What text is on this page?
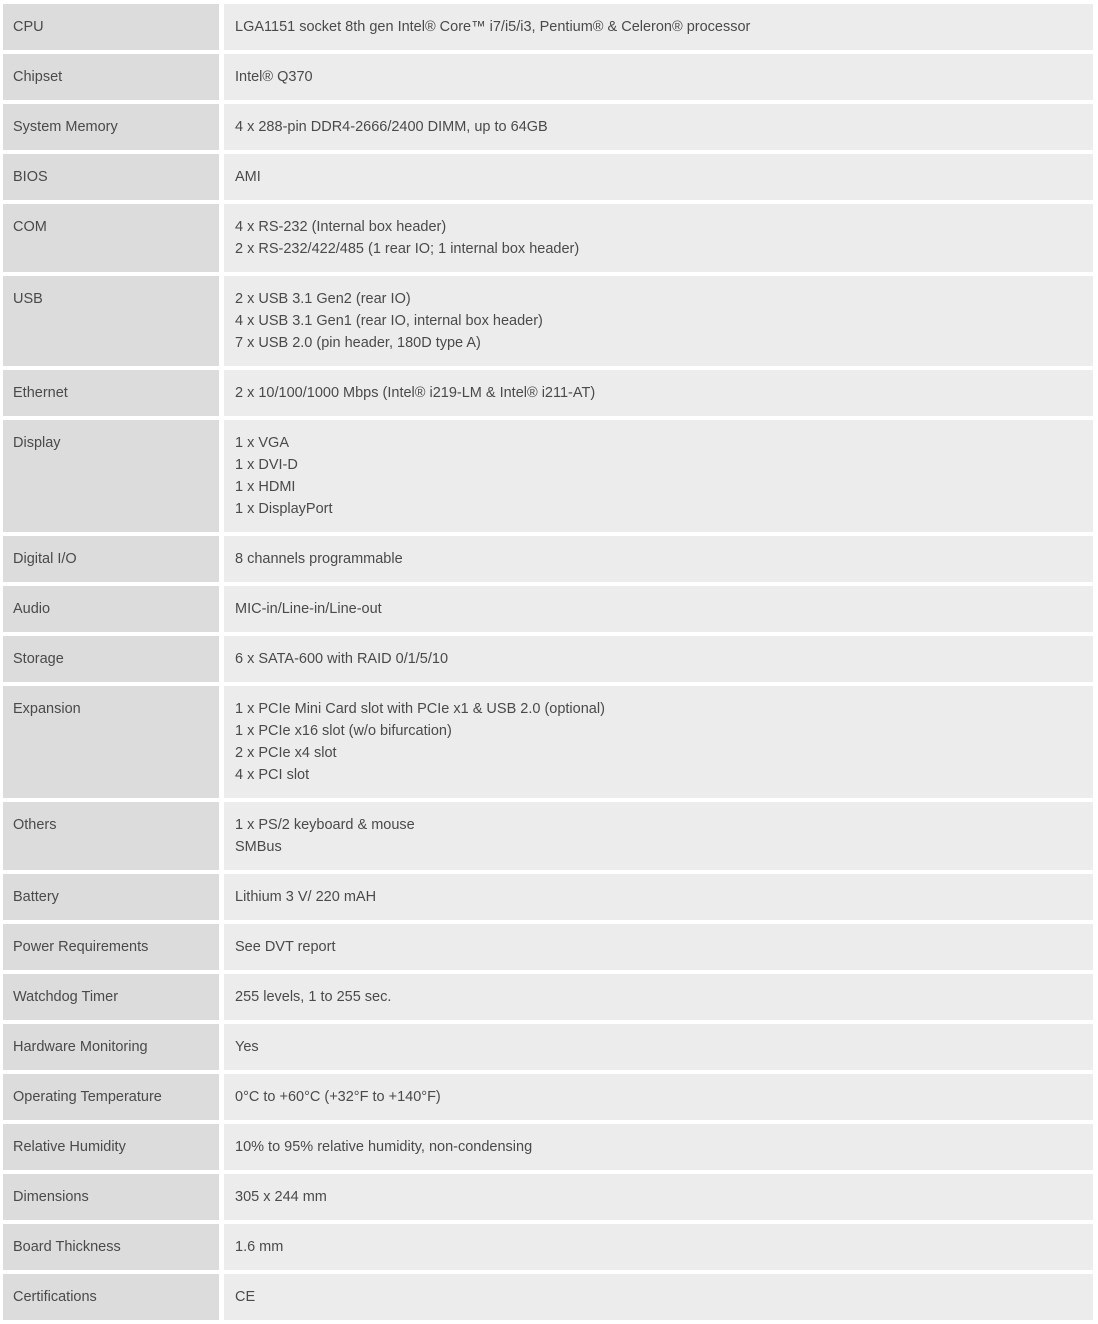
CPU	LGA1151 socket 8th gen Intel® Core™ i7/i5/i3, Pentium® & Celeron® processor
Chipset	Intel® Q370
System Memory	4 x 288-pin DDR4-2666/2400 DIMM, up to 64GB
BIOS	AMI
COM	4 x RS-232 (Internal box header)
2 x RS-232/422/485 (1 rear IO; 1 internal box header)
USB	2 x USB 3.1 Gen2 (rear IO)
4 x USB 3.1 Gen1 (rear IO, internal box header)
7 x USB 2.0 (pin header, 180D type A)
Ethernet	2 x 10/100/1000 Mbps (Intel® i219-LM & Intel® i211-AT)
Display	1 x VGA
1 x DVI-D
1 x HDMI
1 x DisplayPort
Digital I/O	8 channels programmable
Audio	MIC-in/Line-in/Line-out
Storage	6 x SATA-600 with RAID 0/1/5/10
Expansion	1 x PCIe Mini Card slot with PCIe x1 & USB 2.0 (optional)
1 x PCIe x16 slot (w/o bifurcation)
2 x PCIe x4 slot
4 x PCI slot
Others	1 x PS/2 keyboard & mouse
SMBus
Battery	Lithium 3 V/ 220 mAH
Power Requirements	See DVT report
Watchdog Timer	255 levels, 1 to 255 sec.
Hardware Monitoring	Yes
Operating Temperature	0°C to +60°C (+32°F to +140°F)
Relative Humidity	10% to 95% relative humidity, non-condensing
Dimensions	305 x 244 mm
Board Thickness	1.6 mm
Certifications	CE
